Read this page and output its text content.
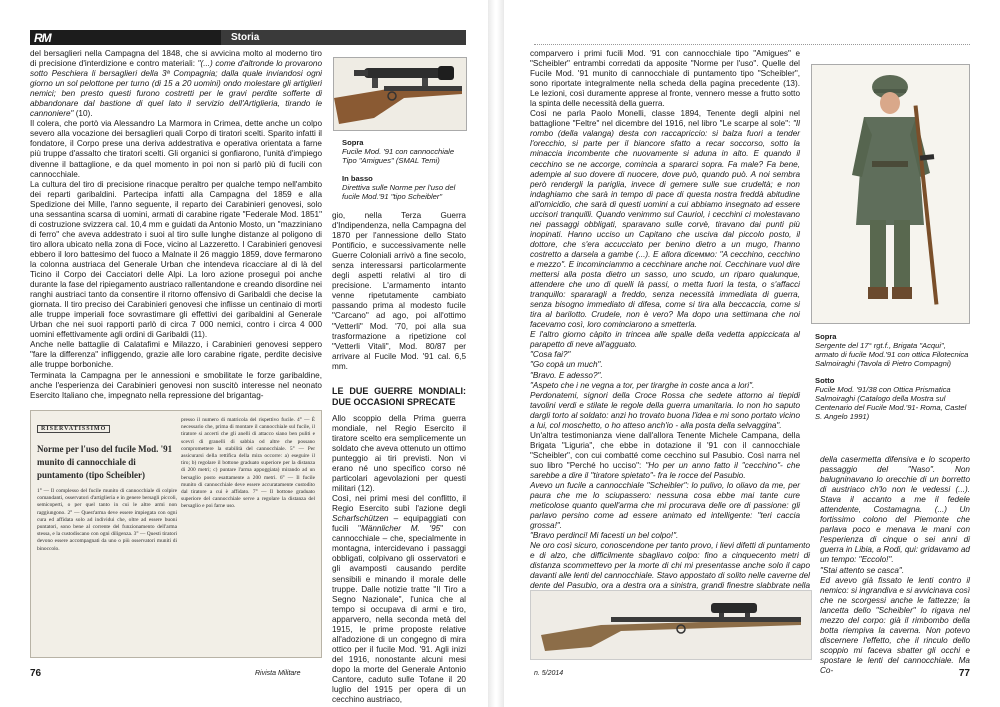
RM	Storia

del bersaglieri nella Campagna del 1848, che si avvicina molto al moderno tiro di precisione d'interdizione e contro materiali: "(...) come d'altronde lo provarono sotto Peschiera li bersaglieri della 3ª Compagnia; dalla quale inviandosi ogni giorno un sol pelottone per turno (di 15 a 20 uomini) ondo molestare gli artiglieri nemici; ben presto questi furono costretti per le gravi perdite sofferte di abbandonare dal bastione di quel lato il servizio dell'Artiglieria, tirando le cannoniere" (10).

Il colera, che portò via Alessandro La Marmora in Crimea, dette anche un colpo severo alla vocazione dei bersaglieri quali Corpo di tiratori scelti. Sparito infatti il fondatore, il Corpo prese una deriva addestrativa e operativa orientata a farne più truppe d'assalto che tiratori scelti. Gli organici si gonfiarono, l'unità d'impiego divenne il battaglione, e da quel momento in poi non si parlò più di fucili con cannocchiale.

La cultura del tiro di precisione rinacque peraltro per qualche tempo nell'ambito dei reparti garibaldini. Partecipa infatti alla Campagna del 1859 e alla Spedizione dei Mille, l'anno seguente, il reparto dei Carabinieri genovesi, solo una sessantina scarsa di uomini, armati di carabine rigate "Federale Mod. 1851" di costruzione svizzera cal. 10,4 mm e guidati da Antonio Mosto, un "mazziniano di ferro" che aveva addestrato i suoi al tiro sulle lunghe distanze al poligono di tiro allora ubicato nella zona di Foce, vicino al Lazzeretto. I Carabinieri genovesi ebbero il loro battesimo del fuoco a Malnate il 26 maggio 1859, dove fermarono la colonna austriaca del Generale Urban che intendeva ricacciare al di là del Ticino il Corpo dei Cacciatori delle Alpi. La loro azione proseguì poi anche durante la fase del ripiegamento austriaco rallentandone e creando disordine nei ranghi austriaci tanto da consentire il ritorno offensivo di Garibaldi che decise la giornata. Il tiro preciso dei Carabinieri genovesi che inflisse un centinaio di morti alle truppe imperiali foce sovrastimare gli effettivi dei garibaldini al Generale Urban che nei suoi rapporti parlò di circa 7 000 nemici, contro i circa 4 000 uomini effettivamente agli ordini di Garibaldi (11).

Anche nelle battaglie di Calatafimi e Milazzo, i Carabinieri genovesi seppero "fare la differenza" infliggendo, grazie alle loro carabine rigate, perdite decisive alle truppe borboniche.

Terminata la Campagna per le annessioni e smobilitate le forze garibaldine, anche l'esperienza dei Carabinieri genovesi non suscitò interesse nel neonato Esercito Italiano che, impegnato nella repressione del brigantag-

Sopra
Fucile Mod. '91 con cannocchiale Tipo "Amigues" (SMAL Temi)
In basso
Direttiva sulle Norme per l'uso del fucile Mod.'91 "tipo Scheibler"

gio, nella Terza Guerra d'Indipendenza, nella Campagna del 1870 per l'annessione dello Stato Pontificio, e successivamente nelle Guerre Coloniali arrivò a fine secolo, senza interessarsi particolarmente degli aspetti relativi al tiro di precisione. L'armamento intanto venne ripetutamente cambiato passando prima al modesto fucile "Carcano" ad ago, poi all'ottimo "Vetterli" Mod. '70, poi alla sua trasformazione a ripetizione col "Vetterli Vitali", Mod. 80/87 per arrivare al Fucile Mod. '91 cal. 6,5 mm.

LE DUE GUERRE MONDIALI: DUE OCCASIONI SPRECATE

Allo scoppio della Prima guerra mondiale, nel Regio Esercito il tiratore scelto era semplicemente un soldato che aveva ottenuto un ottimo punteggio ai tiri previsti. Non vi erano né uno specifico corso né particolari agevolazioni per questi militari (12).

Così, nei primi mesi del conflitto, il Regio Esercito subì l'azione degli Scharfschützen – equipaggiati con fucili "Männlicher M. '95" con cannocchiale – che, specialmente in montagna, intercidevano i passaggi obbligati, colpivano gli osservatori e gli avamposti causando perdite sensibili e minando il morale delle truppe. Dalle notizie tratte "Il Tiro a Segno Nazionale", l'unica che al tempo si occupava di armi e tiro, apparvero, nella seconda metà del 1915, le prime proposte relative all'adozione di un congegno di mira ottico per il fucile Mod. '91. Agli inizi del 1916, nonostante alcuni mesi dopo la morte del Generale Antonio Cantore, caduto sulle Tofane il 20 luglio del 1915 per opera di un cecchino austriaco,

RISERVATISSIMO
Norme per l'uso del fucile Mod. '91 munito di cannocchiale di puntamento (tipo Scheibler)
1° — Il complesso del fucile munito di cannocchiale di colpire comandanti, osservatori d'artiglieria e in genere bersagli piccoli, semicoperti, o per quel tanto in cui le altre armi non raggiungono. 2° — Quest'arma deve essere impiegata con ogni cura ed affidata solo ad individui che, oltre ad essere buoni puntatori, sono bene al corrente del funzionamento dell'arma stessa, e la custodiscano con ogni diligenza. 3° — Questi tiratori devono essere accompagnati da uno o più osservatori muniti di binoccolo.
presso il numero di matricola del rispettivo fucile. 4° — È necessario che, prima di montare il cannocchiale sul fucile, il tiratore si accerti che gli anelli di attacco siano ben puliti e scevri di granelli di sabbia od altre che possano compromettere la stabilità del cannocchiale. 5° — Per assicurarsi della rettifica della mira occorre: a) eseguire il tiro; b) regolare il bottone graduato superiore per la distanza di 200 metri; c) puntare l'arma appoggiata) mirando ad un bersaglio posto esattamente a 200 metri. 6° — Il fucile munito di cannocchiale deve essere accuratamente custodito dal tiratore a cui è affidato. 7° — Il bottone graduato superiore del cannocchiale serve a regolare la distanza del bersaglio e poi farne uso.
76	Rivista Militare

comparvero i primi fucili Mod. '91 con cannocchiale tipo "Amigues" e "Scheibler" entrambi corredati da apposite "Norme per l'uso". Quelle del Fucile Mod. '91 munito di cannocchiale di puntamento tipo "Scheibler", sono riportate integralmente nella scheda della pagina precedente (13). Le lezioni, così duramente apprese al fronte, vennero messe a frutto sotto la spinta delle necessità della guerra.

Così ne parla Paolo Monelli, classe 1894, Tenente degli alpini nel battaglione "Feltre" nel dicembre del 1916, nel libro "Le scarpe al sole": "Il rombo (della valanga) desta con raccapriccio: si balza fuori a tender l'orecchio, si parte per il biancore sfatto a recar soccorso, sotto la minaccia incombente che nuovamente si aduna in alto. E quando il cecchino se ne accorge, comincia a spararci sopra. Fa male? Fa bene, adempie al suo dovere di nuocere, dove può, quando può. A noi sembra però rendergli la pariglia, invece di gemere sulle sue crudeltà; e non indaghiamo che sarà in tempo di pace di questa nostra freddà abitudine all'omicidio, che sarà di questi uomini a cui abbiamo insegnato ad essere uccisori tranquilli. Quando venimmo sul Cauriol, i cecchini ci molestavano nei passaggi obbligati, sparavano sulle corvè, tiravano dai punti più inopinati. Hanno ucciso un Capitano che usciva dal piccolo posto, il dottore, che s'era accucciato per benino dietro a un mugo, l'hanno costretto a darsela a gambe (...). E allora diceммо: "A cecchino, cecchino e mezzo". E incominciammo a cecchinare anche noi. Cecchinare vuol dire mettersi alla posta dietro un sasso, uno scudo, un riparo qualunque, attendere che uno di quelli là passi, o metta fuori la testa, o s'affacci tranquillo: spararagli a freddo, senza necessità immediata di guerra, senza bisogno immediato di difesa, come si tira alla beccaccia, come si tira al barilotto. Crudele, non è vero? Ma dopo una settimana che noi facevamo così, loro cominciarono a smetterla.

E l'altro giorno càpito in trincea alle spalle della vedetta appiccicata al parapetto di neve all'agguato.

"Cosa fai?"

"Go copà un much".

"Bravo. E adesso?".

"Aspeto che i ne vegna a tor, per tirarghe in coste anca a lori".

Perdonatemi, signori della Croce Rossa che sedete attorno ai tiepidi tavolini verdi e stilate le regole della guerra umanitaria. Io non ho saputo dargli torto al soldato: anzi ho trovato buona l'idea e mi sono portato vicino a lui, col moschetto, o ho atteso anch'io - alla posta della selvaggina".

Un'altra testimonianza viene dall'allora Tenente Michele Campana, della Brigata "Liguria", che ebbe in dotazione il '91 con il cannocchiale "Scheibler", con cui combatté come cecchino sul Pasubio. Così narra nel suo libro "Perché ho ucciso": "Ho per un anno fatto il "cecchino"- che sarebbe a dire il "tiratore spietato"- fra le rocce del Pasubio.

Avevo un fucile a cannocchiale "Scheibler": lo pulivo, lo oliavo da me, per paura che me lo sciupassero: nessuna cosa ebbe mai tante cure meticolose quanto quell'arma che mi procurava delle ore di passione: gli parlavo persino come ad essere animato ed intelligente: "teri caccia grossa!".

"Bravo perdinci! Mi facesti un bel colpo!".

Ne oro così sicuro, conoscendone per tanto provo, i lievi difetti di puntamento e di alzo, che difficilmente sbagliavo colpo: fino a cinquecento metri di distanza scommettevo per la morte di chi mi presentasse anche solo il capo davanti alle lenti del cannocchiale. Stavo appostato di solito nelle caverne del dente del Pasubio, ora a destra ora a sinistra, grandi finestre slabbrate nella

Sopra
Sergente del 17° rgt.f., Brigata "Acqui", armato di fucile Mod.'91 con ottica Filotecnica Salmoiraghi (Tavola di Pietro Compagni)
Sotto
Fucile Mod. '91/38 con Ottica Prismatica Salmoiraghi (Catalogo della Mostra sul Centenario del Fucile Mod.'91- Roma, Castel S. Angelo 1991)

della casermetta difensiva e lo scoperto passaggio del "Naso". Non balugninavano lo orecchie di un borretto di austriaco ch'lo non le vedessi (...). Stava il accanto a me il fedele attendente, Costamagna. (...) Un fortissimo colono del Piemonte che parlava poco e menava le mani con l'esperienza di cinque o sei anni di guerra in Libia, a Rodi, qui: gridavamo ad un tempo: "Eccolo!".

"Stai attento se casca".

Ed avevo già fissato le lenti contro il nemico: si ingrandiva e si avvicinava così che ne scorgessi anche le fattezze; la lancetta dello "Scheibler" lo rigava nel mezzo del corpo: già il rimbombo della botta riempiva la caverna. Non potevo discernere l'effetto, che il rinculo dello scoppio mi faceva sbatter gli occhi e spostare le lenti del cannocchiale. Ma Co-

n. 5/2014	77
